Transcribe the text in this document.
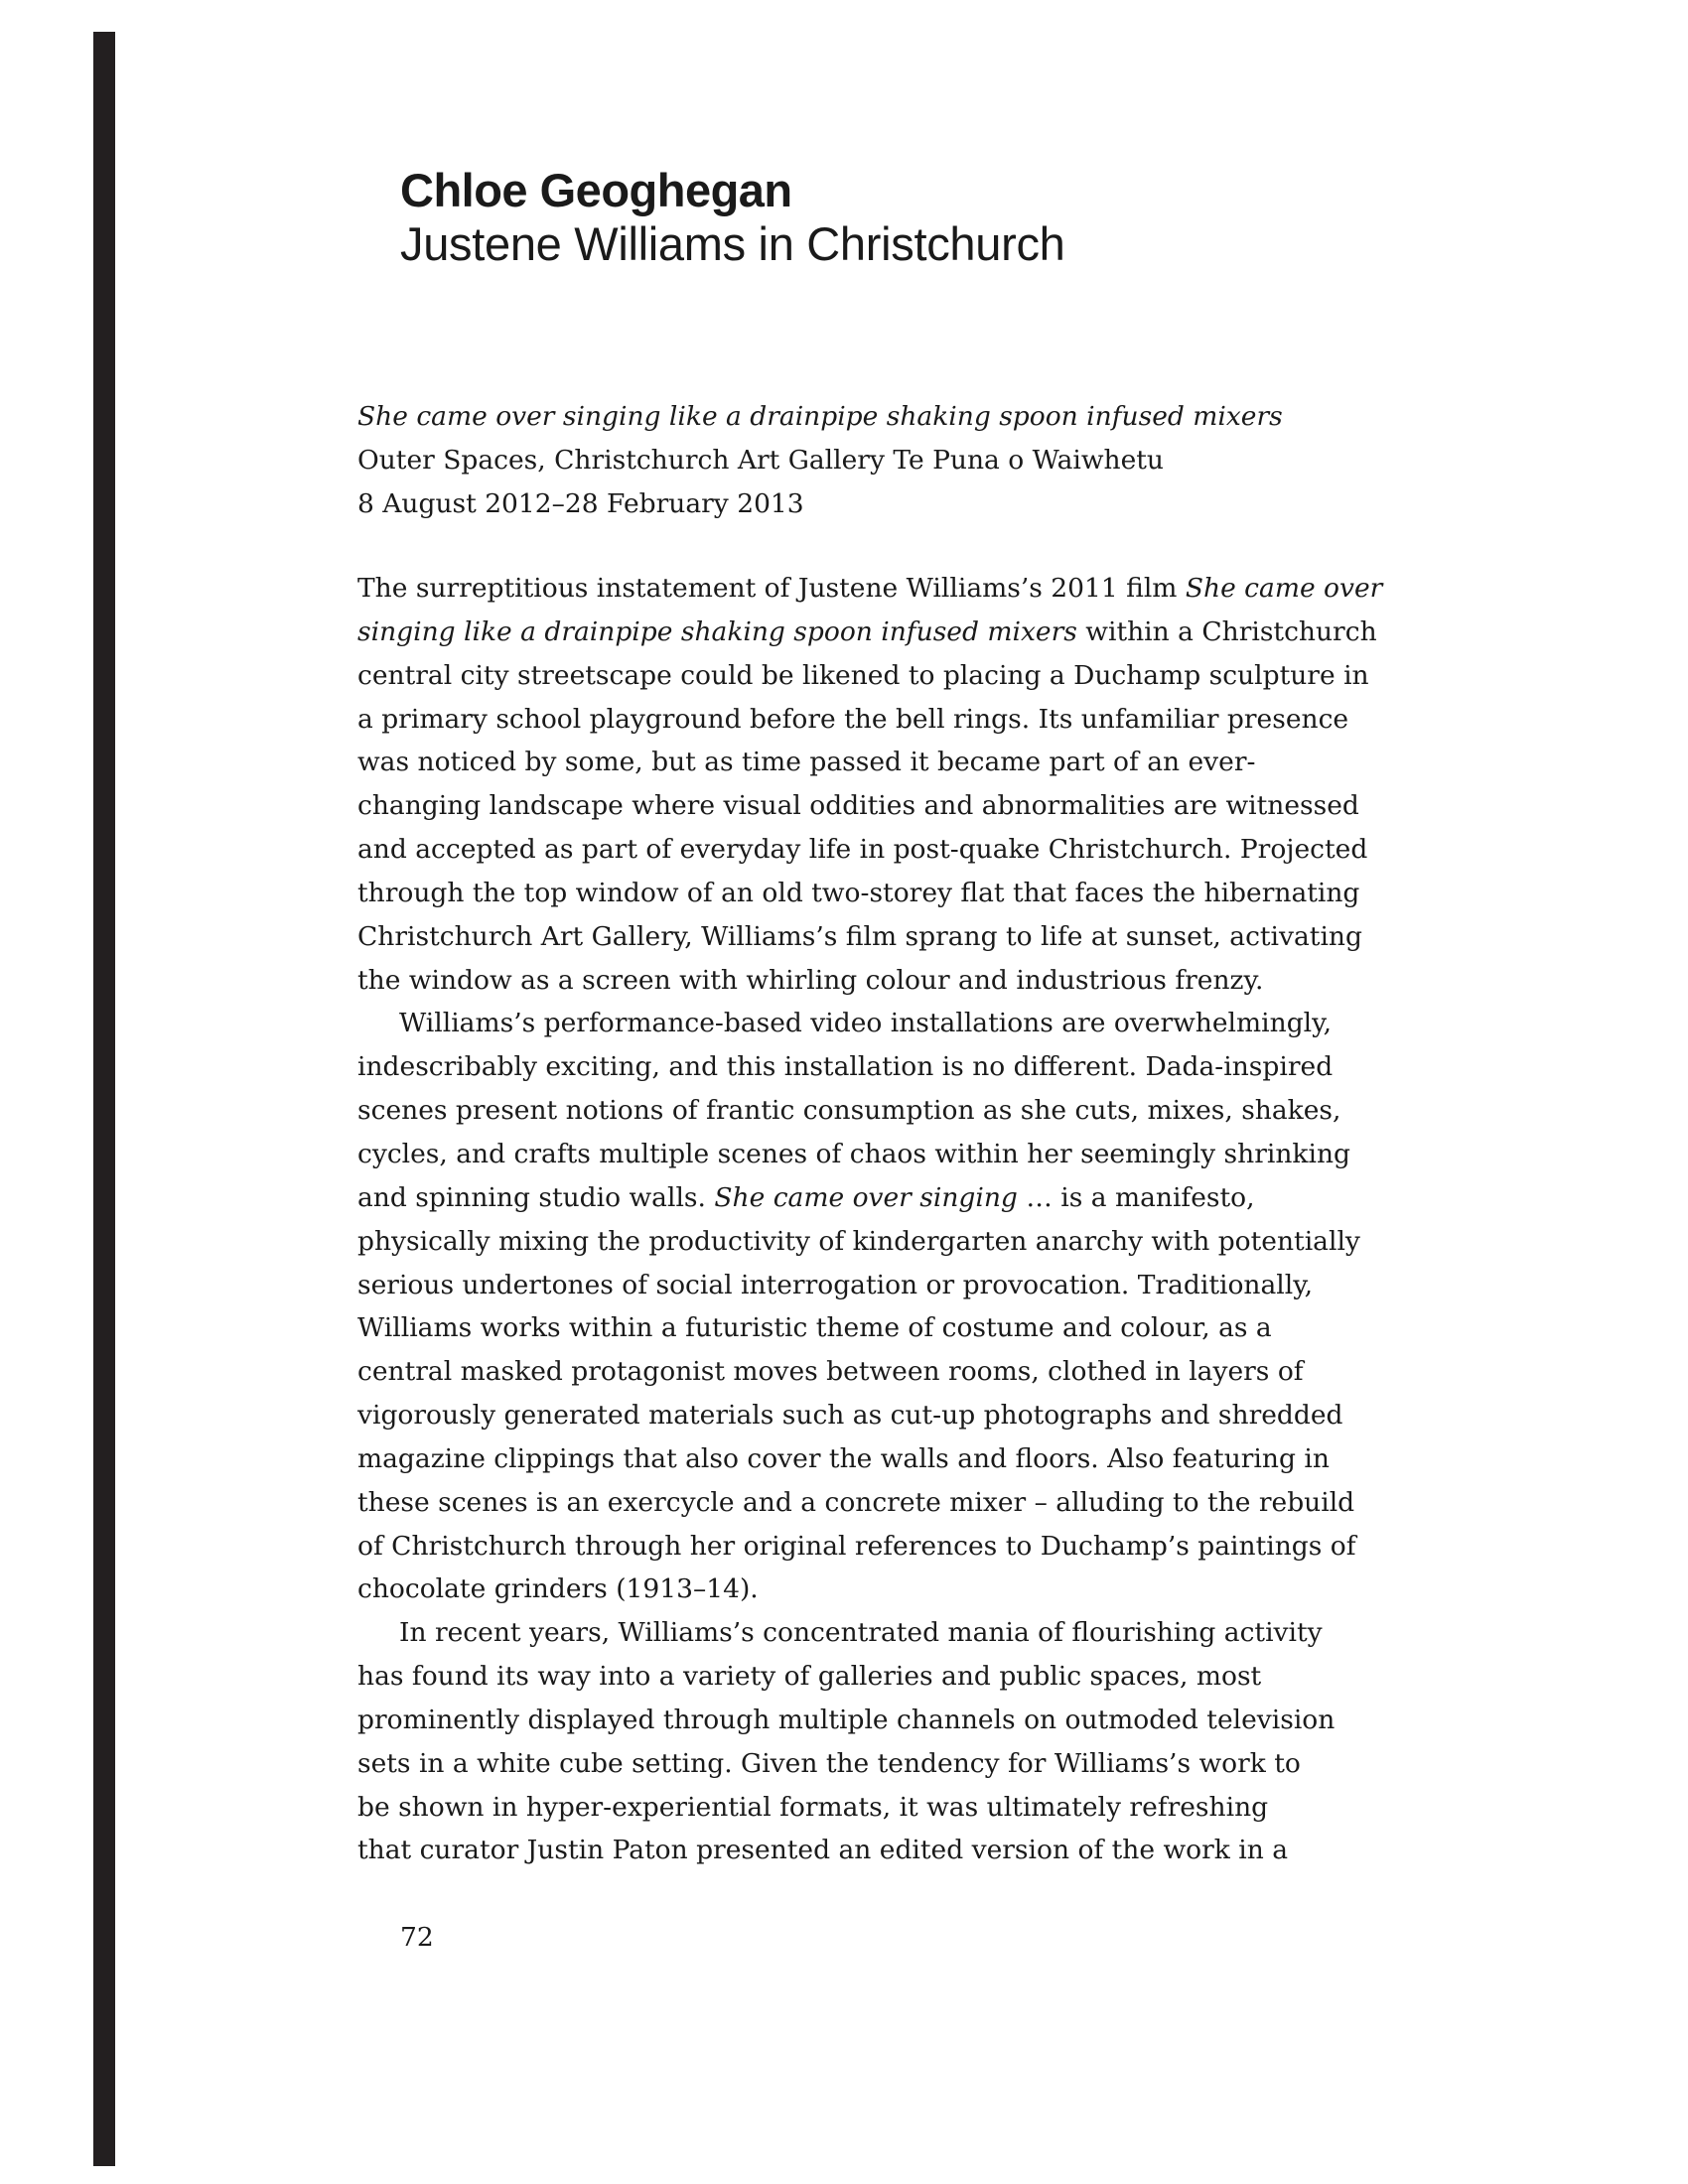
Chloe Geoghegan
Justene Williams in Christchurch
She came over singing like a drainpipe shaking spoon infused mixers
Outer Spaces, Christchurch Art Gallery Te Puna o Waiwhetu
8 August 2012–28 February 2013
The surreptitious instatement of Justene Williams’s 2011 film She came over
singing like a drainpipe shaking spoon infused mixers within a Christchurch
central city streetscape could be likened to placing a Duchamp sculpture in
a primary school playground before the bell rings. Its unfamiliar presence
was noticed by some, but as time passed it became part of an ever-
changing landscape where visual oddities and abnormalities are witnessed
and accepted as part of everyday life in post-quake Christchurch. Projected
through the top window of an old two-storey flat that faces the hibernating
Christchurch Art Gallery, Williams’s film sprang to life at sunset, activating
the window as a screen with whirling colour and industrious frenzy.
Williams’s performance-based video installations are overwhelmingly,
indescribably exciting, and this installation is no different. Dada-inspired
scenes present notions of frantic consumption as she cuts, mixes, shakes,
cycles, and crafts multiple scenes of chaos within her seemingly shrinking
and spinning studio walls. She came over singing … is a manifesto,
physically mixing the productivity of kindergarten anarchy with potentially
serious undertones of social interrogation or provocation. Traditionally,
Williams works within a futuristic theme of costume and colour, as a
central masked protagonist moves between rooms, clothed in layers of
vigorously generated materials such as cut-up photographs and shredded
magazine clippings that also cover the walls and floors. Also featuring in
these scenes is an exercycle and a concrete mixer – alluding to the rebuild
of Christchurch through her original references to Duchamp’s paintings of
chocolate grinders (1913–14).
In recent years, Williams’s concentrated mania of flourishing activity
has found its way into a variety of galleries and public spaces, most
prominently displayed through multiple channels on outmoded television
sets in a white cube setting. Given the tendency for Williams’s work to
be shown in hyper-experiential formats, it was ultimately refreshing
that curator Justin Paton presented an edited version of the work in a
72
